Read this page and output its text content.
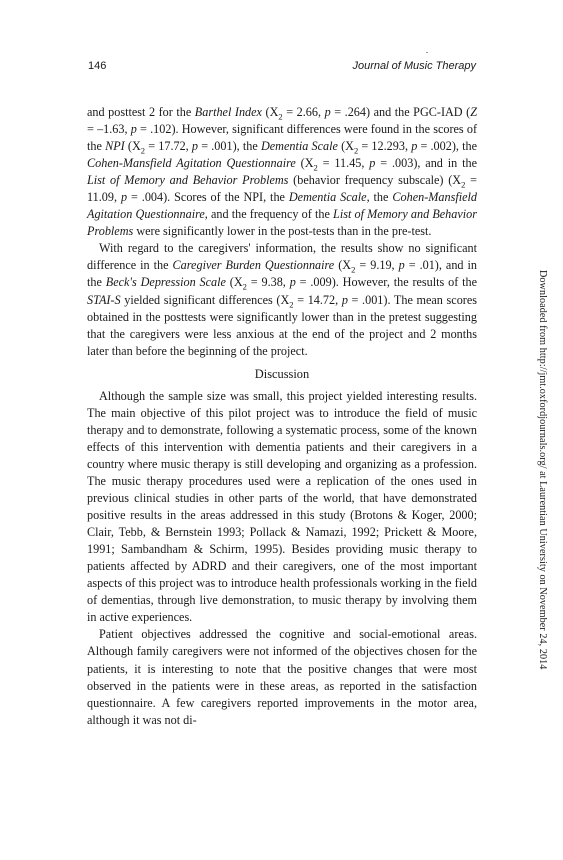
146	Journal of Music Therapy

and posttest 2 for the Barthel Index ($X_2 = 2.66$, p = .264) and the PGC-IAD (Z = –1.63, p = .102). However, significant differences were found in the scores of the NPI ($X_2 = 17.72$, p = .001), the Dementia Scale ($X_2 = 12.293$, p = .002), the Cohen-Mansfield Agitation Questionnaire ($X_2 = 11.45$, p = .003), and in the List of Memory and Behavior Problems (behavior frequency subscale) ($X_2 = 11.09$, p = .004). Scores of the NPI, the Dementia Scale, the Cohen-Mansfield Agitation Questionnaire, and the frequency of the List of Memory and Behavior Problems were significantly lower in the post-tests than in the pre-test.

With regard to the caregivers' information, the results show no significant difference in the Caregiver Burden Questionnaire ($X_2 = 9.19$, p = .01), and in the Beck's Depression Scale ($X_2 = 9.38$, p = .009). However, the results of the STAI-S yielded significant differences ($X_2 = 14.72$, p = .001). The mean scores obtained in the posttests were significantly lower than in the pretest suggesting that the caregivers were less anxious at the end of the project and 2 months later than before the beginning of the project.

Discussion

Although the sample size was small, this project yielded interesting results. The main objective of this pilot project was to introduce the field of music therapy and to demonstrate, following a systematic process, some of the known effects of this intervention with dementia patients and their caregivers in a country where music therapy is still developing and organizing as a profession. The music therapy procedures used were a replication of the ones used in previous clinical studies in other parts of the world, that have demonstrated positive results in the areas addressed in this study (Brotons & Koger, 2000; Clair, Tebb, & Bernstein 1993; Pollack & Namazi, 1992; Prickett & Moore, 1991; Sambandham & Schirm, 1995). Besides providing music therapy to patients affected by ADRD and their caregivers, one of the most important aspects of this project was to introduce health professionals working in the field of dementias, through live demonstration, to music therapy by involving them in active experiences.

Patient objectives addressed the cognitive and social-emotional areas. Although family caregivers were not informed of the objectives chosen for the patients, it is interesting to note that the positive changes that were most observed in the patients were in these areas, as reported in the satisfaction questionnaire. A few caregivers reported improvements in the motor area, although it was not di-

Downloaded from http://jmt.oxfordjournals.org/ at Laurentian University on November 24, 2014
